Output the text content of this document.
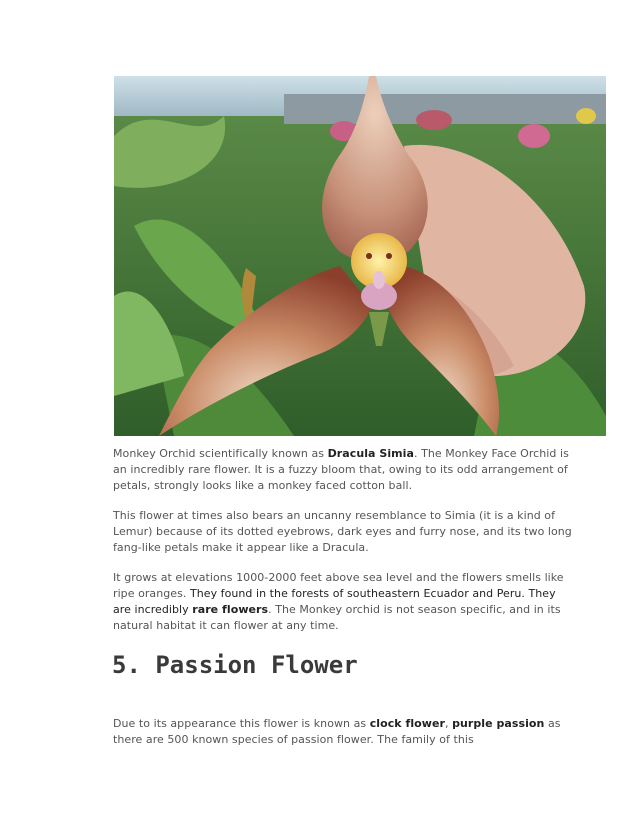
Monkey Orchid scientifically known as Dracula Simia. The Monkey Face Orchid is an incredibly rare flower. It is a fuzzy bloom that, owing to its odd arrangement of petals, strongly looks like a monkey faced cotton ball.

This flower at times also bears an uncanny resemblance to Simia (it is a kind of Lemur) because of its dotted eyebrows, dark eyes and furry nose, and its two long fang-like petals make it appear like a Dracula.

It grows at elevations 1000-2000 feet above sea level and the flowers smells like ripe oranges. They found in the forests of southeastern Ecuador and Peru. They are incredibly rare flowers. The Monkey orchid is not season specific, and in its natural habitat it can flower at any time.

5. Passion Flower

Due to its appearance this flower is known as clock flower, purple passion as there are 500 known species of passion flower. The family of this
